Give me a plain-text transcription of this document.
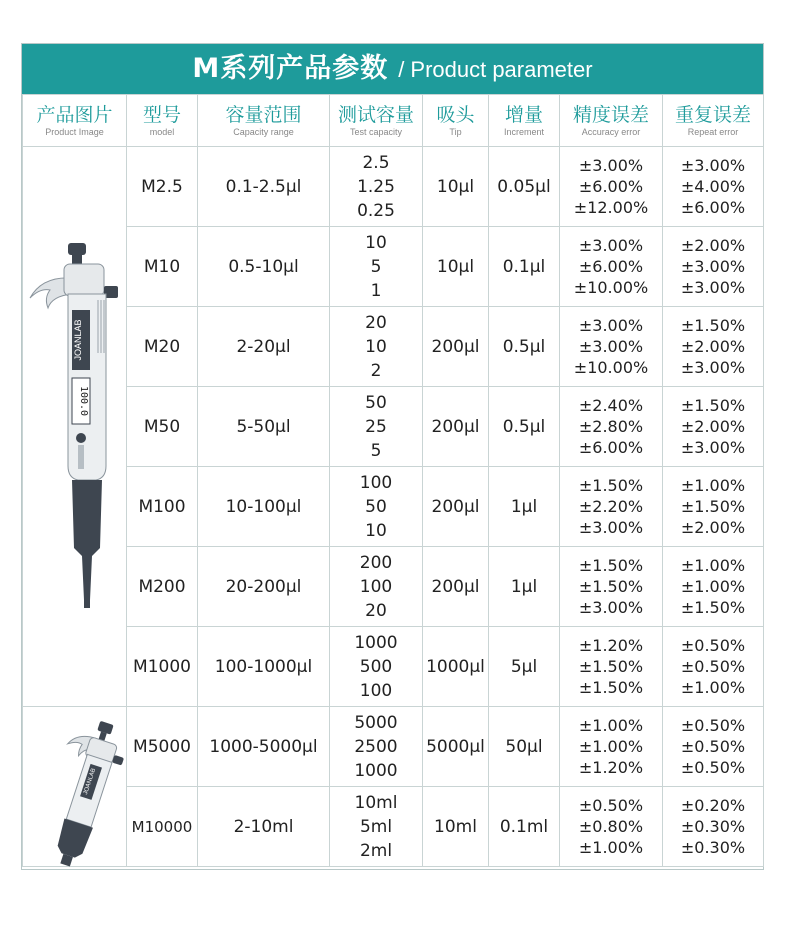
M系列产品参数 / Product parameter
产品图片
Product Image	型号
model	容量范围
Capacity range	测试容量
Test capacity	吸头
Tip	增量
Increment	精度误差
Accuracy error	重复误差
Repeat error

	M2.5	0.1-2.5μl	2.5
1.25
0.25	10μl	0.05μl	±3.00%
±6.00%
±12.00%	±3.00%
±4.00%
±6.00%

	M10	0.5-10μl	10
5
1	10μl	0.1μl	±3.00%
±6.00%
±10.00%	±2.00%
±3.00%
±3.00%

	M20	2-20μl	20
10
2	200μl	0.5μl	±3.00%
±3.00%
±10.00%	±1.50%
±2.00%
±3.00%

	M50	5-50μl	50
25
5	200μl	0.5μl	±2.40%
±2.80%
±6.00%	±1.50%
±2.00%
±3.00%

	M100	10-100μl	100
50
10	200μl	1μl	±1.50%
±2.20%
±3.00%	±1.00%
±1.50%
±2.00%

	M200	20-200μl	200
100
20	200μl	1μl	±1.50%
±1.50%
±3.00%	±1.00%
±1.00%
±1.50%

	M1000	100-1000μl	1000
500
100	1000μl	5μl	±1.20%
±1.50%
±1.50%	±0.50%
±0.50%
±1.00%

	M5000	1000-5000μl	5000
2500
1000	5000μl	50μl	±1.00%
±1.00%
±1.20%	±0.50%
±0.50%
±0.50%

	M10000	2-10ml	10ml
5ml
2ml	10ml	0.1ml	±0.50%
±0.80%
±1.00%	±0.20%
±0.30%
±0.30%
JOANLAB
100.0
JOANLAB
